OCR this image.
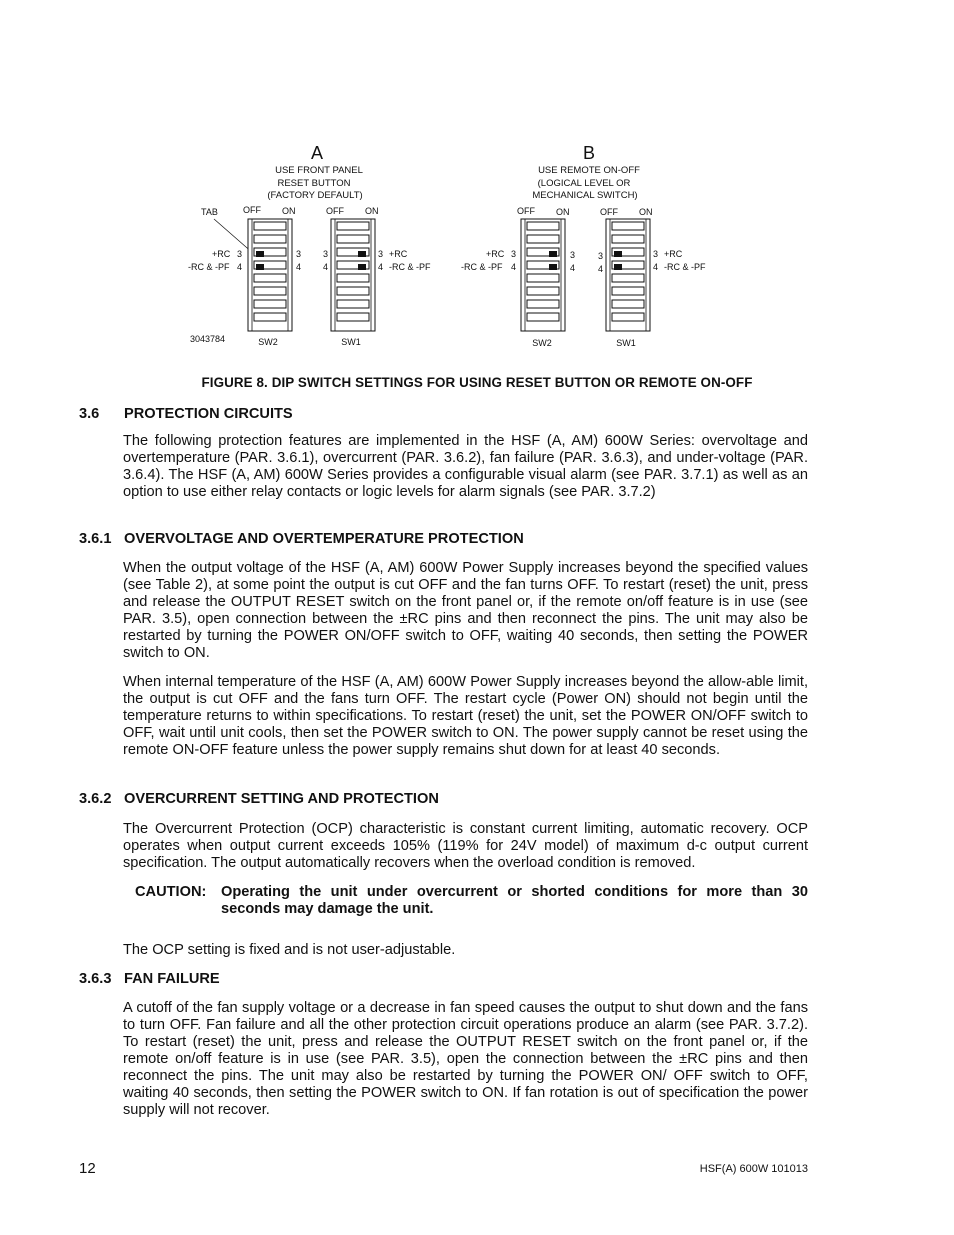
A
USE FRONT PANEL
RESET BUTTON
(FACTORY DEFAULT)
TAB	OFF ON	OFF ON
+RC 3
-RC & -PF 4
3
4
3
4
3 +RC
4 -RC & -PF
3043784	SW2	SW1
B
USE REMOTE ON-OFF
(LOGICAL LEVEL OR
MECHANICAL SWITCH)
OFF ON	OFF ON
+RC 3
-RC & -PF 4
3
4
3
4
3 +RC
4 -RC & -PF
SW2	SW1
FIGURE 8. DIP SWITCH SETTINGS FOR USING RESET BUTTON OR REMOTE ON-OFF
3.6 PROTECTION CIRCUITS
The following protection features are implemented in the HSF (A, AM) 600W Series: overvoltage and overtemperature (PAR. 3.6.1), overcurrent (PAR. 3.6.2), fan failure (PAR. 3.6.3), and under-voltage (PAR. 3.6.4). The HSF (A, AM) 600W Series provides a configurable visual alarm (see PAR. 3.7.1) as well as an option to use either relay contacts or logic levels for alarm signals (see PAR. 3.7.2)
3.6.1 OVERVOLTAGE AND OVERTEMPERATURE PROTECTION
When the output voltage of the HSF (A, AM) 600W Power Supply increases beyond the specified values (see Table 2), at some point the output is cut OFF and the fan turns OFF. To restart (reset) the unit, press and release the OUTPUT RESET switch on the front panel or, if the remote on/off feature is in use (see PAR. 3.5), open connection between the ±RC pins and then reconnect the pins. The unit may also be restarted by turning the POWER ON/OFF switch to OFF, waiting 40 seconds, then setting the POWER switch to ON.
When internal temperature of the HSF (A, AM) 600W Power Supply increases beyond the allow-able limit, the output is cut OFF and the fans turn OFF. The restart cycle (Power ON) should not begin until the temperature returns to within specifications. To restart (reset) the unit, set the POWER ON/OFF switch to OFF, wait until unit cools, then set the POWER switch to ON. The power supply cannot be reset using the remote ON-OFF feature unless the power supply remains shut down for at least 40 seconds.
3.6.2 OVERCURRENT SETTING AND PROTECTION
The Overcurrent Protection (OCP) characteristic is constant current limiting, automatic recovery. OCP operates when output current exceeds 105% (119% for 24V model) of maximum d-c output current specification. The output automatically recovers when the overload condition is removed.
CAUTION:	Operating the unit under overcurrent or shorted conditions for more than 30 seconds may damage the unit.
The OCP setting is fixed and is not user-adjustable.
3.6.3 FAN FAILURE
A cutoff of the fan supply voltage or a decrease in fan speed causes the output to shut down and the fans to turn OFF. Fan failure and all the other protection circuit operations produce an alarm (see PAR. 3.7.2). To restart (reset) the unit, press and release the OUTPUT RESET switch on the front panel or, if the remote on/off feature is in use (see PAR. 3.5), open the connection between the ±RC pins and then reconnect the pins. The unit may also be restarted by turning the POWER ON/ OFF switch to OFF, waiting 40 seconds, then setting the POWER switch to ON. If fan rotation is out of specification the power supply will not recover.
12	HSF(A) 600W 101013
